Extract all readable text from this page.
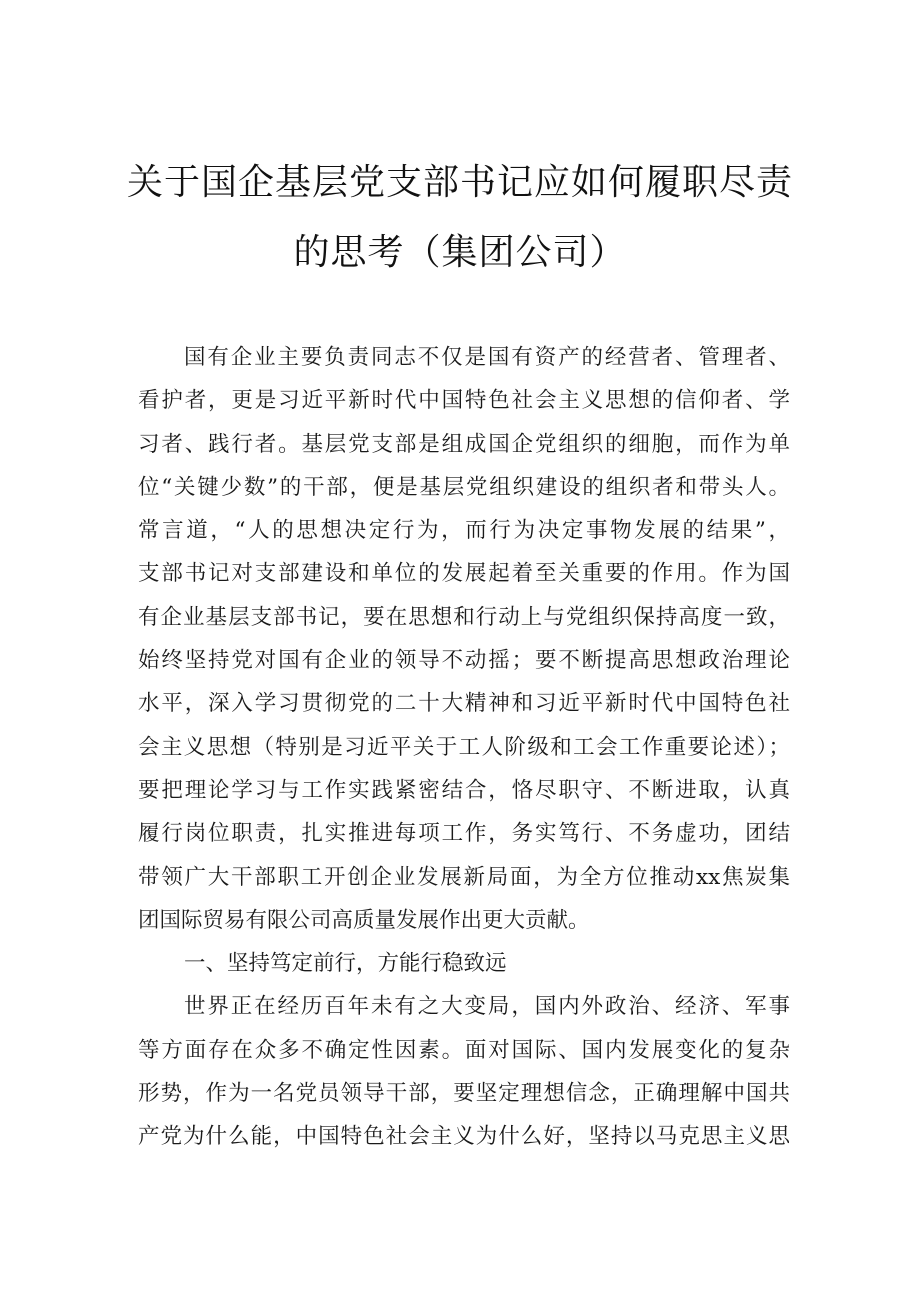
关于国企基层党支部书记应如何履职尽责
的思考（集团公司）
国有企业主要负责同志不仅是国有资产的经营者、管理者、
看护者，更是习近平新时代中国特色社会主义思想的信仰者、学
习者、践行者。基层党支部是组成国企党组织的细胞，而作为单
位“关键少数”的干部，便是基层党组织建设的组织者和带头人。
常言道，“人的思想决定行为，而行为决定事物发展的结果”，
支部书记对支部建设和单位的发展起着至关重要的作用。作为国
有企业基层支部书记，要在思想和行动上与党组织保持高度一致，
始终坚持党对国有企业的领导不动摇；要不断提高思想政治理论
水平，深入学习贯彻党的二十大精神和习近平新时代中国特色社
会主义思想（特别是习近平关于工人阶级和工会工作重要论述）；
要把理论学习与工作实践紧密结合，恪尽职守、不断进取，认真
履行岗位职责，扎实推进每项工作，务实笃行、不务虚功，团结
带领广大干部职工开创企业发展新局面，为全方位推动xx焦炭集
团国际贸易有限公司高质量发展作出更大贡献。
一、坚持笃定前行，方能行稳致远
世界正在经历百年未有之大变局，国内外政治、经济、军事
等方面存在众多不确定性因素。面对国际、国内发展变化的复杂
形势，作为一名党员领导干部，要坚定理想信念，正确理解中国共
产党为什么能，中国特色社会主义为什么好，坚持以马克思主义思
